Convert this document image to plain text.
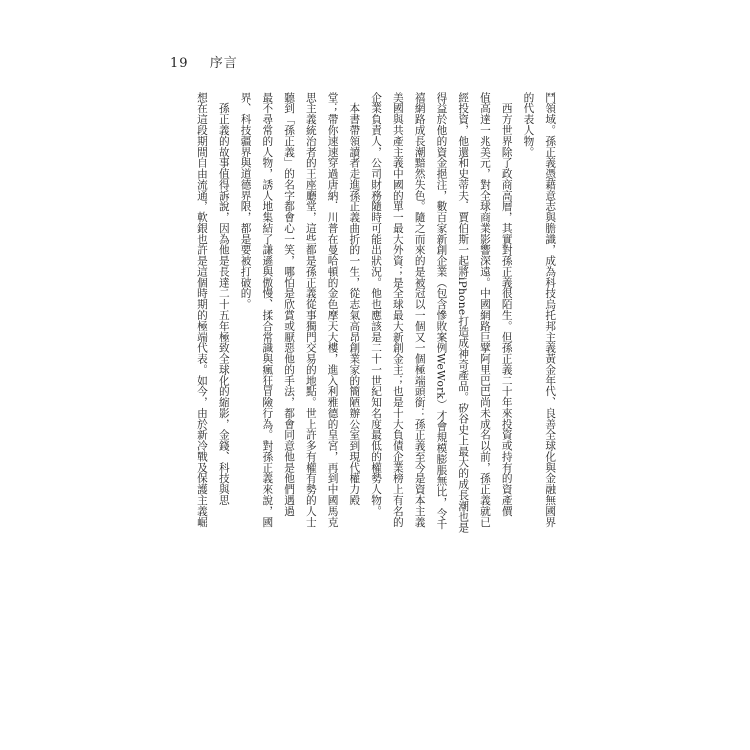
19 序言

鬥領域。孫正義憑藉意志與膽識，成為科技烏托邦主義黃金年代、良善全球化與金融無國界

的代表人物。

　西方世界除了政商高層，其實對孫正義很陌生。但孫正義二十年來投資或持有的資產價

值高達一兆美元，對全球商業影響深遠。中國網路巨擘阿里巴巴尚未成名以前，孫正義就已

經投資，他還和史蒂夫．賈伯斯一起將iPhone打造成神奇產品。矽谷史上最大的成長潮也是

得益於他的資金挹注，數百家新創企業（包含慘敗案例WeWork）才會規模膨脹無比，令千

禧網路成長潮黯然失色。隨之而來的是被冠以一個又一個極端頭銜：孫正義至今是資本主義

美國與共產主義中國的單一最大外資；是全球最大新創金主；也是十大負債企業榜上有名的

企業負責人，公司財務隨時可能出狀況。他也應該是二十一世紀知名度最低的權勢人物。

　本書帶領讀者走進孫正義曲折的一生，從志氣高昂創業家的簡陋辦公室到現代權力殿

堂；帶你速速穿過唐納．川普在曼哈頓的金色摩天大樓，進入利雅德的皇宮，再到中國馬克

思主義統治者的王座廳堂，這些都是孫正義從事獨門交易的地點。世上許多有權有勢的人士

聽到「孫正義」的名字都會心一笑，哪怕是欣賞或厭惡他的手法，都會同意他是他們遇過

最不尋常的人物，誘人地集結了謙遜與傲慢、揉合常識與瘋狂冒險行為。對孫正義來說，國

界、科技疆界與道德界限，都是要被打破的。

　孫正義的故事值得訴說，因為他是長達二十五年極致全球化的縮影，金錢、科技與思

想在這段期間自由流通，軟銀也許是這個時期的極端代表。如今，由於新冷戰及保護主義崛
